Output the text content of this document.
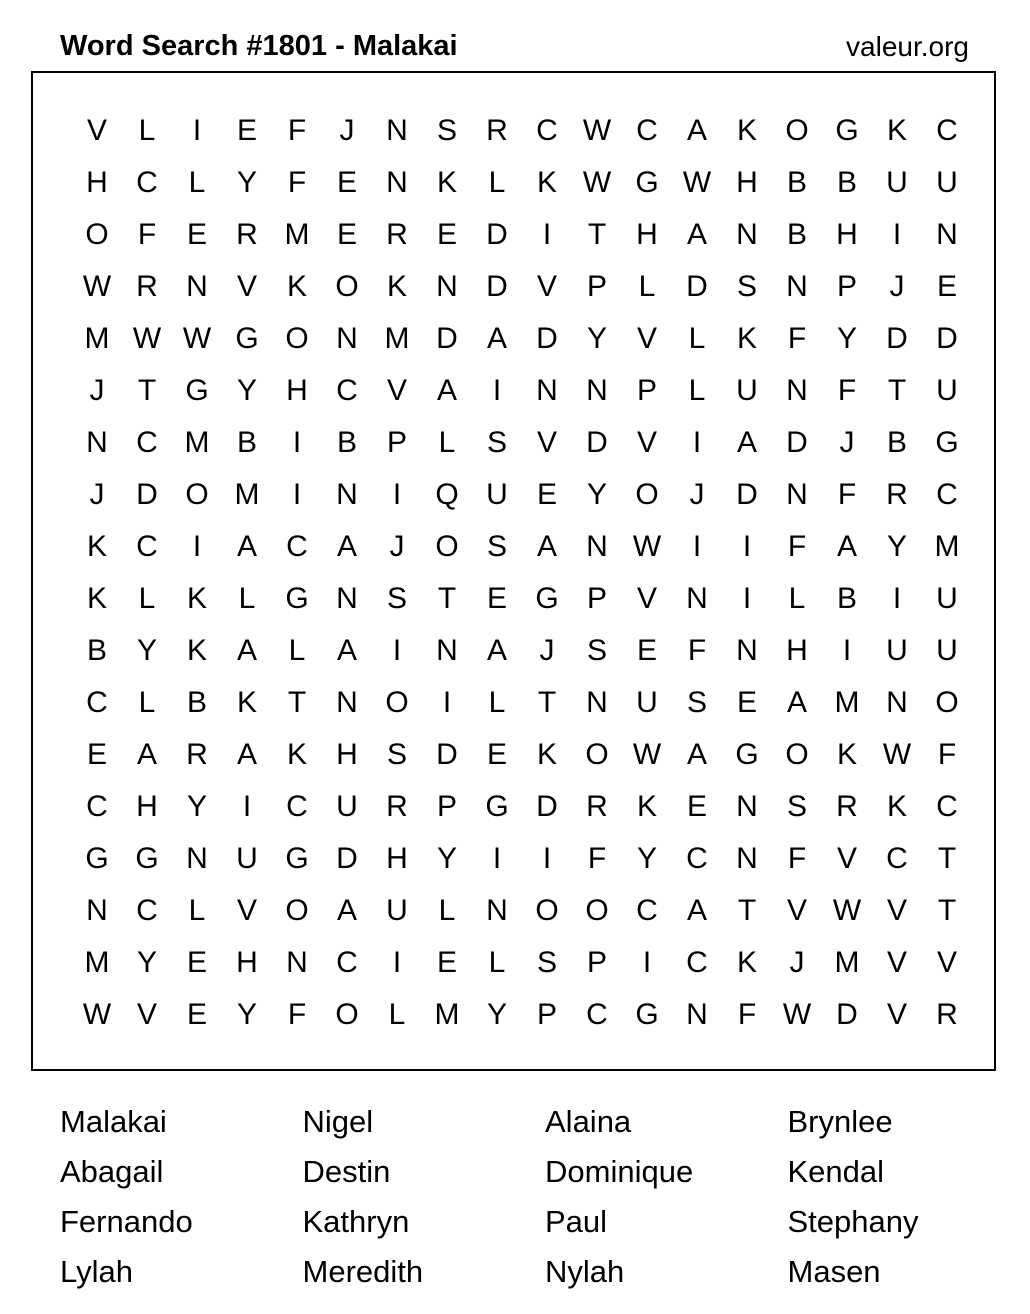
Word Search #1801 - Malakai	valeur.org
V	L	I	E	F	J	N S R C W C A K O G K C
H C	L	Y	F	E N K	L	K W G W H B B U U
O F	E R M E R E D	I	T	H A N B H	I	N
W R N V K O K N D V P	L	D S N P	J	E
M W W G O N M D A D Y V	L	K	F	Y D D
J	T G Y H C V A	I	N N P	L	U N	F	T	U
N C M B	I	B P	L	S V D V	I	A D	J	B G
J	D O M	I	N	I	Q U E Y O	J	D N	F	R C
K C	I	A C A	J	O S A N W	I	I	F	A Y M
K	L	K	L G N S	T	E G P V N	I	L	B	I	U
B Y K A	L	A	I	N A	J	S E	F	N H	I	U U
C	L	B K	T	N O	I	L	T	N U S E A M N O
E A R A K H S D E K O W A G O K W F
C H Y	I	C U R P G D R K E N S R K C
G G N U G D H Y	I	I	F	Y C N	F	V C	T
N C	L	V O A U	L	N O O C A	T	V W V	T
M Y E H N C	I	E	L	S P	I	C K	J	M V V
W V E Y	F O L M Y P C G N	F W D V R
Malakai	Nigel	Alaina	Brynlee
Abagail	Destin	Dominique	Kendal
Fernando	Kathryn	Paul	Stephany
Lylah	Meredith	Nylah	Masen
